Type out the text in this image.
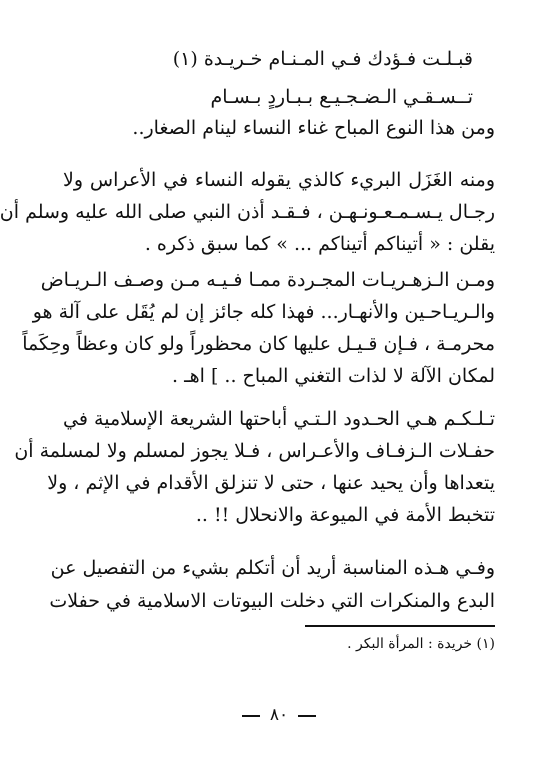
قبـلـت فـؤدك فـي المـنـام خـريـدة (١)
تــسـقـي الـضـجـيـع بـبـاردٍ بـسـام
ومن هذا النوع المباح غناء النساء لينام الصغار..
ومنه الغَزَل البريء كالذي يقوله النساء في الأعراس ولا
رجـال يـسـمـعـونـهـن ، فـقـد أذن النبي صلى الله عليه وسلم أن
يقلن : « أتيناكم أتيناكم ... » كما سبق ذكره .
ومـن الـزهـريـات المجـردة ممـا فـيـه مـن وصـف الـريـاض
والـريـاحـين والأنهـار... فهذا كله جائز إن لم يُقَل على آلة هو
محرمـة ، فـإن قـيـل عليها كان محظوراً ولو كان وعظاً وحِكَماً
لمكان الآلة لا لذات التغني المباح .. ] اهـ .
تـلـكـم هـي الحـدود الـتـي أباحتها الشريعة الإسلامية في
حفـلات الـزفـاف والأعـراس ، فـلا يجوز لمسلم ولا لمسلمة أن
يتعداها وأن يحيد عنها ، حتى لا تنزلق الأقدام في الإثم ، ولا
تتخبط الأمة في الميوعة والانحلال !! ..
وفـي هـذه المناسبة أريد أن أتكلم بشيء من التفصيل عن
البدع والمنكرات التي دخلت البيوتات الاسلامية في حفلات
(١) خريدة : المرأة البكر .
٨٠
